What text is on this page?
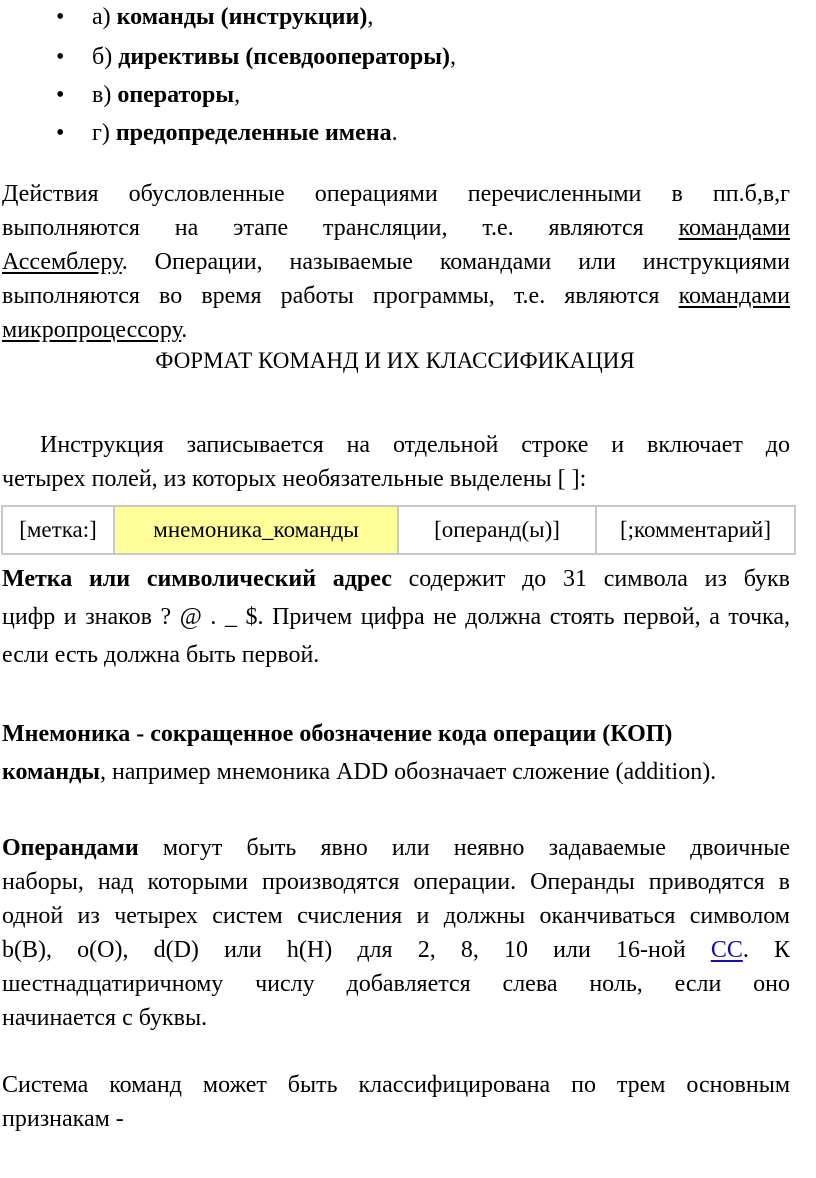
• а) команды (инструкции),
• б) директивы (псевдооператоры),
• в) операторы,
• г) предопределенные имена.
Действия обусловленные операциями перечисленными в пп.б,в,г
выполняются на этапе трансляции, т.е. являются командами
Ассемблеру. Операции, называемые командами или инструкциями
выполняются во время работы программы, т.е. являются командами
микропроцессору.
ФОРМАТ КОМАНД И ИХ КЛАССИФИКАЦИЯ
Инструкция записывается на отдельной строке и включает до
четырех полей, из которых необязательные выделены [ ]:
[метка:]	мнемоника_команды	[операнд(ы)]	[;комментарий]
Метка или символический адрес содержит до 31 символа из букв
цифр и знаков ? @ . _ $. Причем цифра не должна стоять первой, а точка,
если есть должна быть первой.
Мнемоника - сокращенное обозначение кода операции (КОП)
команды, например мнемоника ADD обозначает сложение (addition).
Операндами могут быть явно или неявно задаваемые двоичные
наборы, над которыми производятся операции. Операнды приводятся в
одной из четырех систем счисления и должны оканчиваться символом
b(B), o(O), d(D) или h(H) для 2, 8, 10 или 16-ной СС. К
шестнадцатиричному числу добавляется слева ноль, если оно
начинается с буквы.
Система команд может быть классифицирована по трем основным
признакам -
